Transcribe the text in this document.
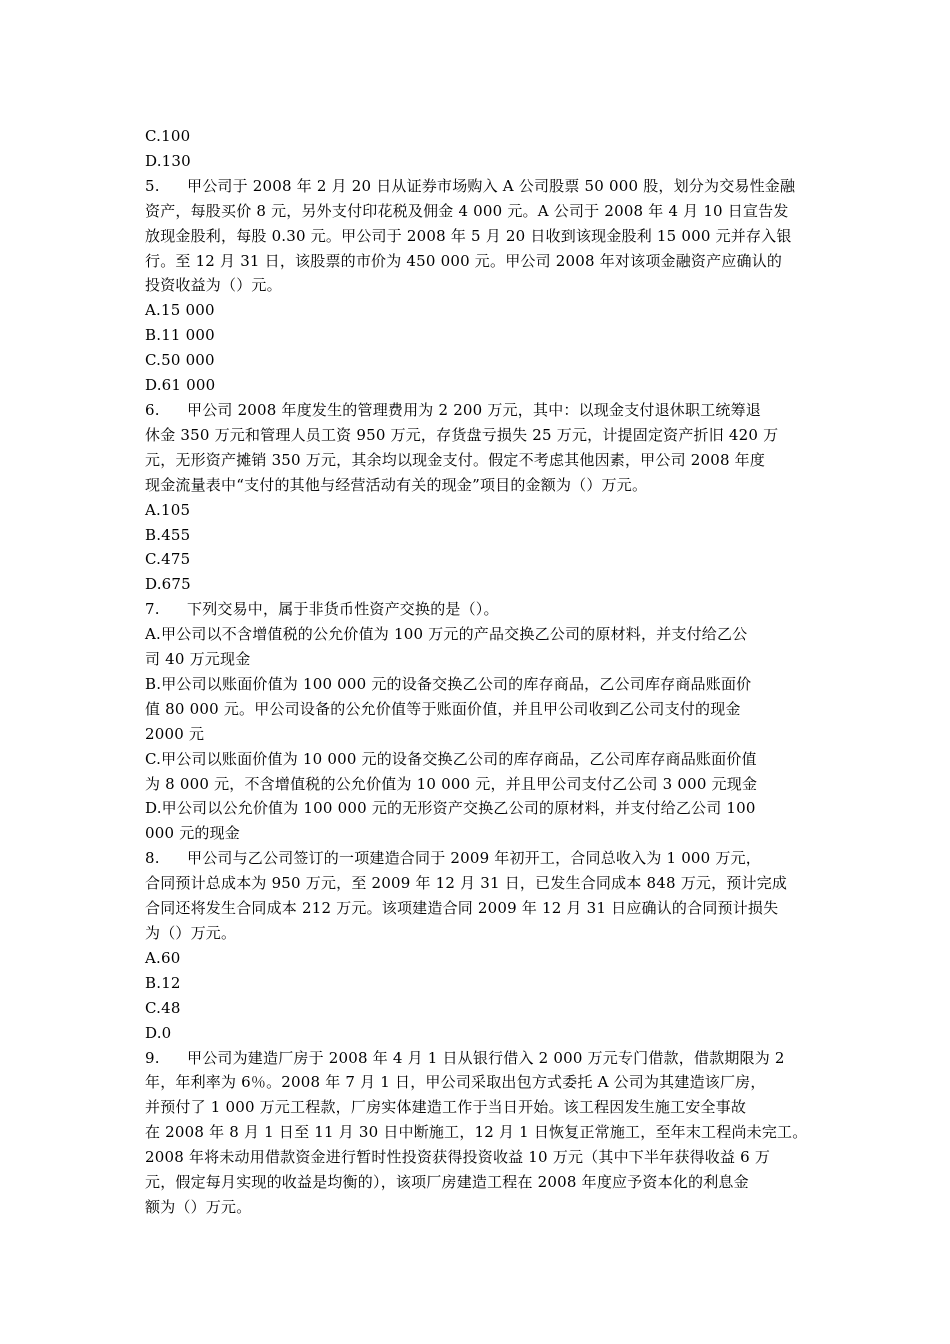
C.100
D.130
5. 甲公司于 2008 年 2 月 20 日从证券市场购入 A 公司股票 50 000 股，划分为交易性金融
资产，每股买价 8 元，另外支付印花税及佣金 4 000 元。A 公司于 2008 年 4 月 10 日宣告发
放现金股利，每股 0.30 元。甲公司于 2008 年 5 月 20 日收到该现金股利 15 000 元并存入银
行。至 12 月 31 日，该股票的市价为 450 000 元。甲公司 2008 年对该项金融资产应确认的
投资收益为（）元。
A.15 000
B.11 000
C.50 000
D.61 000
6. 甲公司 2008 年度发生的管理费用为 2 200 万元，其中：以现金支付退休职工统筹退
休金 350 万元和管理人员工资 950 万元，存货盘亏损失 25 万元，计提固定资产折旧 420 万
元，无形资产摊销 350 万元，其余均以现金支付。假定不考虑其他因素，甲公司 2008 年度
现金流量表中“支付的其他与经营活动有关的现金”项目的金额为（）万元。
A.105
B.455
C.475
D.675
7. 下列交易中，属于非货币性资产交换的是（）。
A.甲公司以不含增值税的公允价值为 100 万元的产品交换乙公司的原材料，并支付给乙公
司 40 万元现金
B.甲公司以账面价值为 100 000 元的设备交换乙公司的库存商品，乙公司库存商品账面价
值 80 000 元。甲公司设备的公允价值等于账面价值，并且甲公司收到乙公司支付的现金
2000 元
C.甲公司以账面价值为 10 000 元的设备交换乙公司的库存商品，乙公司库存商品账面价值
为 8 000 元，不含增值税的公允价值为 10 000 元，并且甲公司支付乙公司 3 000 元现金
D.甲公司以公允价值为 100 000 元的无形资产交换乙公司的原材料，并支付给乙公司 100
000 元的现金
8. 甲公司与乙公司签订的一项建造合同于 2009 年初开工，合同总收入为 1 000 万元，
合同预计总成本为 950 万元，至 2009 年 12 月 31 日，已发生合同成本 848 万元，预计完成
合同还将发生合同成本 212 万元。该项建造合同 2009 年 12 月 31 日应确认的合同预计损失
为（）万元。
A.60
B.12
C.48
D.0
9. 甲公司为建造厂房于 2008 年 4 月 1 日从银行借入 2 000 万元专门借款，借款期限为 2
年，年利率为 6％。2008 年 7 月 1 日，甲公司采取出包方式委托 A 公司为其建造该厂房，
并预付了 1 000 万元工程款，厂房实体建造工作于当日开始。该工程因发生施工安全事故
在 2008 年 8 月 1 日至 11 月 30 日中断施工，12 月 1 日恢复正常施工，至年末工程尚未完工。
2008 年将未动用借款资金进行暂时性投资获得投资收益 10 万元（其中下半年获得收益 6 万
元，假定每月实现的收益是均衡的），该项厂房建造工程在 2008 年度应予资本化的利息金
额为（）万元。
